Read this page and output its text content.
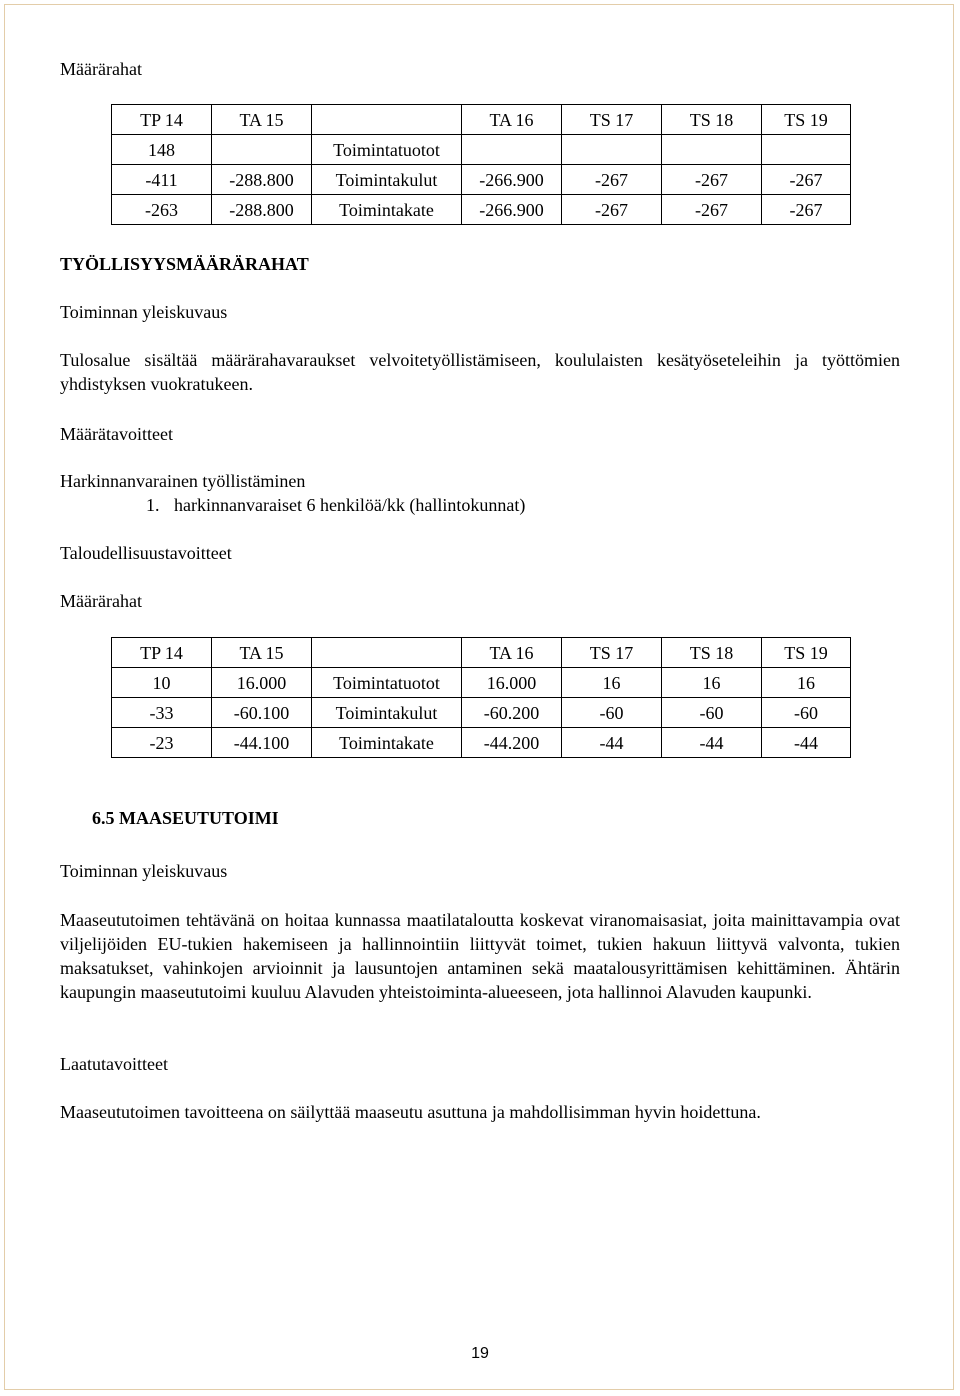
Määrärahat
TP 14	TA 15		TA 16	TS 17	TS 18	TS 19
148		Toimintatuotot				
-411	-288.800	Toimintakulut	-266.900	-267	-267	-267
-263	-288.800	Toimintakate	-266.900	-267	-267	-267
TYÖLLISYYSMÄÄRÄRAHAT
Toiminnan yleiskuvaus
Tulosalue sisältää määrärahavaraukset velvoitetyöllistämiseen, koululaisten kesätyöseteleihin ja työttömien yhdistyksen vuokratukeen.
Määrätavoitteet
Harkinnanvarainen työllistäminen
1. harkinnanvaraiset 6 henkilöä/kk (hallintokunnat)
Taloudellisuustavoitteet
Määrärahat
TP 14	TA 15		TA 16	TS 17	TS 18	TS 19
10	16.000	Toimintatuotot	16.000	16	16	16
-33	-60.100	Toimintakulut	-60.200	-60	-60	-60
-23	-44.100	Toimintakate	-44.200	-44	-44	-44
6.5 MAASEUTUTOIMI
Toiminnan yleiskuvaus
Maaseututoimen tehtävänä on hoitaa kunnassa maatilataloutta koskevat viranomaisasiat, joita mainittavampia ovat viljelijöiden EU-tukien hakemiseen ja hallinnointiin liittyvät toimet, tukien hakuun liittyvä valvonta, tukien maksatukset, vahinkojen arvioinnit ja lausuntojen antaminen sekä maatalousyrittämisen kehittäminen. Ähtärin kaupungin maaseututoimi kuuluu Alavuden yhteistoiminta-alueeseen, jota hallinnoi Alavuden kaupunki.
Laatutavoitteet
Maaseututoimen tavoitteena on säilyttää maaseutu asuttuna ja mahdollisimman hyvin hoidettuna.
19
